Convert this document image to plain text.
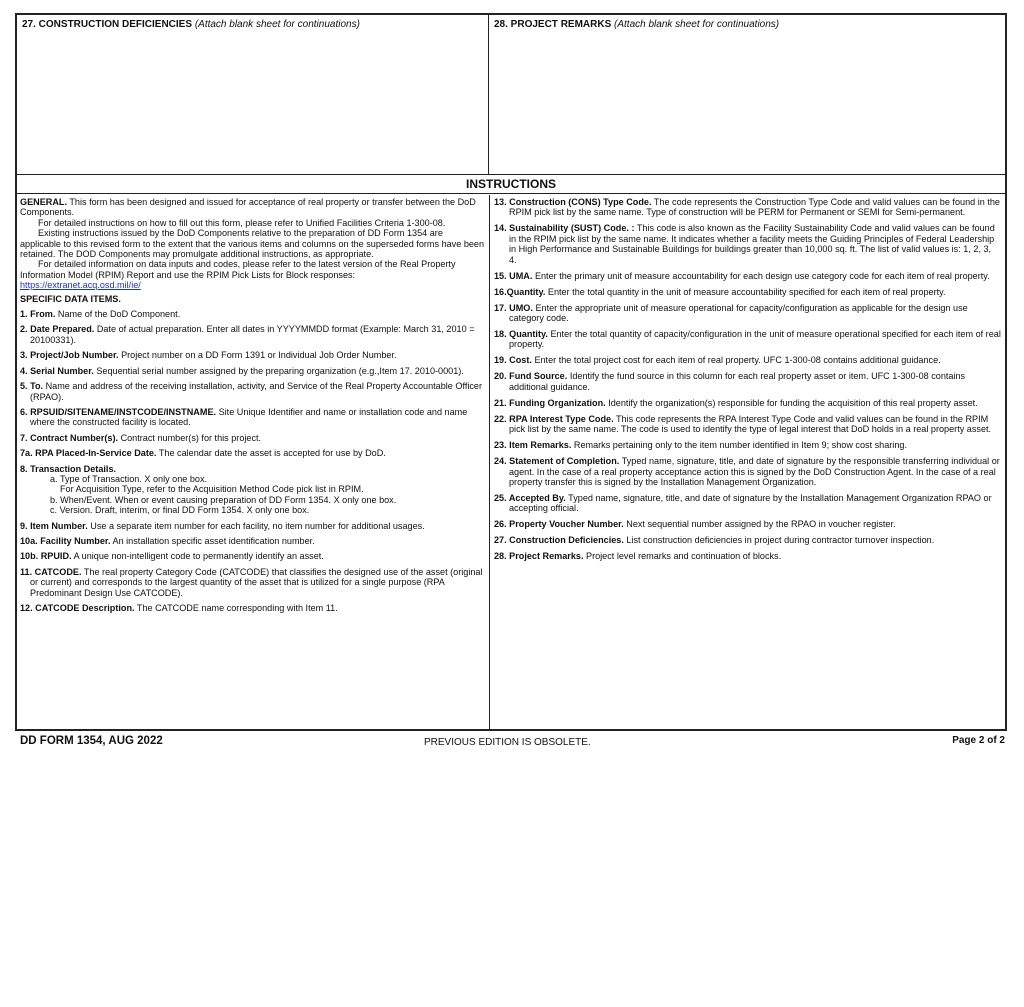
27. CONSTRUCTION DEFICIENCIES (Attach blank sheet for continuations)	28. PROJECT REMARKS (Attach blank sheet for continuations)
INSTRUCTIONS

GENERAL. This form has been designed and issued for acceptance of real property or transfer between the DoD Components.

For detailed instructions on how to fill out this form, please refer to Unified Facilities Criteria 1-300-08.

Existing instructions issued by the DoD Components relative to the preparation of DD Form 1354 are applicable to this revised form to the extent that the various items and columns on the superseded forms have been retained. The DOD Components may promulgate additional instructions, as appropriate.

For detailed information on data inputs and codes, please refer to the latest version of the Real Property Information Model (RPIM) Report and use the RPIM Pick Lists for Block responses:

https://extranet.acq.osd.mil/ie/

SPECIFIC DATA ITEMS.

1. From. Name of the DoD Component.
2. Date Prepared. Date of actual preparation. Enter all dates in YYYYMMDD format (Example: March 31, 2010 = 20100331).
3. Project/Job Number. Project number on a DD Form 1391 or Individual Job Order Number.
4. Serial Number. Sequential serial number assigned by the preparing organization (e.g.,Item 17. 2010-0001).
5. To. Name and address of the receiving installation, activity, and Service of the Real Property Accountable Officer (RPAO).
6. RPSUID/SITENAME/INSTCODE/INSTNAME. Site Unique Identifier and name or installation code and name where the constructed facility is located.
7. Contract Number(s). Contract number(s) for this project.
7a. RPA Placed-In-Service Date. The calendar date the asset is accepted for use by DoD.
8. Transaction Details.
a. Type of Transaction. X only one box.
For Acquisition Type, refer to the Acquisition Method Code pick list in RPIM.
b. When/Event. When or event causing preparation of DD Form 1354. X only one box.
c. Version. Draft, interim, or final DD Form 1354. X only one box.
9. Item Number. Use a separate item number for each facility, no item number for additional usages.
10a. Facility Number. An installation specific asset identification number.
10b. RPUID. A unique non-intelligent code to permanently identify an asset.
11. CATCODE. The real property Category Code (CATCODE) that classifies the designed use of the asset (original or current) and corresponds to the largest quantity of the asset that is utilized for a single purpose (RPA Predominant Design Use CATCODE).
12. CATCODE Description. The CATCODE name corresponding with Item 11.
13. Construction (CONS) Type Code. The code represents the Construction Type Code and valid values can be found in the RPIM pick list by the same name. Type of construction will be PERM for Permanent or SEMI for Semi-permanent.
14. Sustainability (SUST) Code. : This code is also known as the Facility Sustainability Code and valid values can be found in the RPIM pick list by the same name. It indicates whether a facility meets the Guiding Principles of Federal Leadership in High Performance and Sustainable Buildings for buildings greater than 10,000 sq. ft. The list of valid values is: 1, 2, 3, 4.
15. UMA. Enter the primary unit of measure accountability for each design use category code for each item of real property.
16.Quantity. Enter the total quantity in the unit of measure accountability specified for each item of real property.
17. UMO. Enter the appropriate unit of measure operational for capacity/configuration as applicable for the design use category code.
18. Quantity. Enter the total quantity of capacity/configuration in the unit of measure operational specified for each item of real property.
19. Cost. Enter the total project cost for each item of real property. UFC 1-300-08 contains additional guidance.
20. Fund Source. Identify the fund source in this column for each real property asset or item. UFC 1-300-08 contains additional guidance.
21. Funding Organization. Identify the organization(s) responsible for funding the acquisition of this real property asset.
22. RPA Interest Type Code. This code represents the RPA Interest Type Code and valid values can be found in the RPIM pick list by the same name. The code is used to identify the type of legal interest that DoD holds in a real property asset.
23. Item Remarks. Remarks pertaining only to the item number identified in Item 9; show cost sharing.
24. Statement of Completion. Typed name, signature, title, and date of signature by the responsible transferring individual or agent. In the case of a real property acceptance action this is signed by the DoD Construction Agent. In the case of a real property transfer this is signed by the Installation Management Organization.
25. Accepted By. Typed name, signature, title, and date of signature by the Installation Management Organization RPAO or accepting official.
26. Property Voucher Number. Next sequential number assigned by the RPAO in voucher register.
27. Construction Deficiencies. List construction deficiencies in project during contractor turnover inspection.
28. Project Remarks. Project level remarks and continuation of blocks.
DD FORM 1354, AUG 2022	PREVIOUS EDITION IS OBSOLETE.	Page 2 of 2
